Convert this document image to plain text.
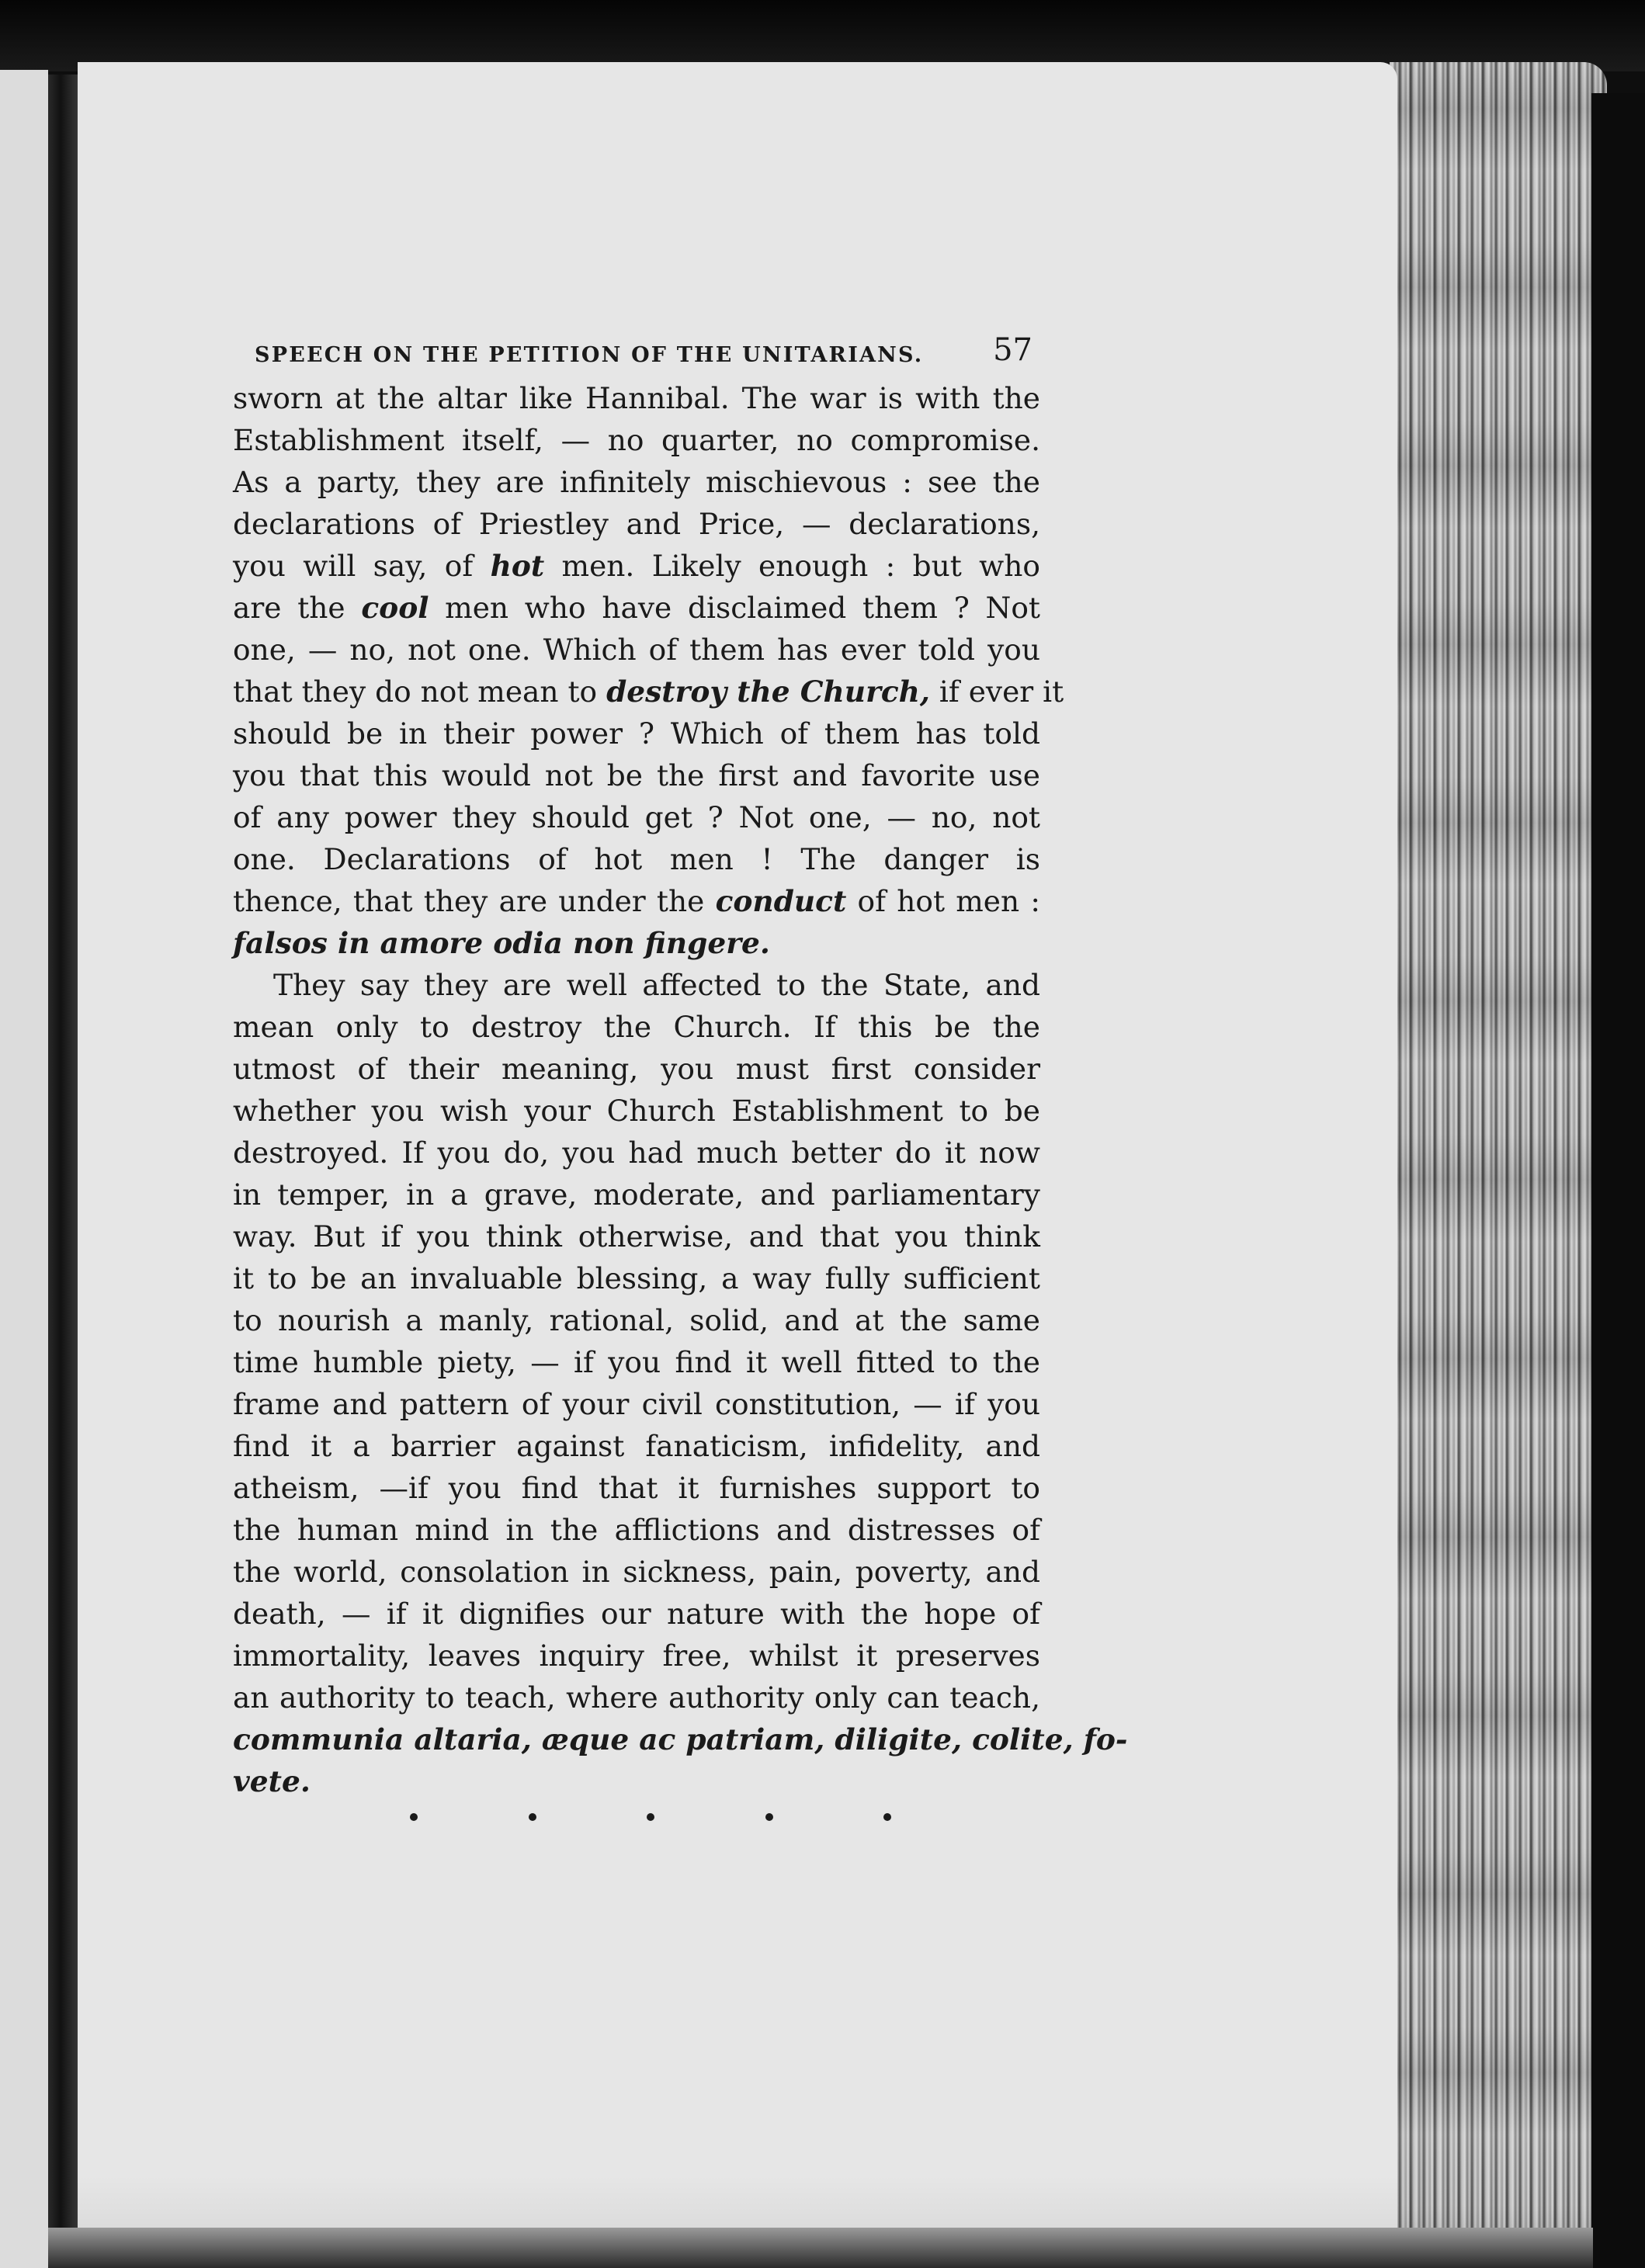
SPEECH ON THE PETITION OF THE UNITARIANS. 57
sworn at the altar like Hannibal. The war is with the
Establishment itself, — no quarter, no compromise.
As a party, they are infinitely mischievous : see the
declarations of Priestley and Price, — declarations,
you will say, of hot men. Likely enough : but who
are the cool men who have disclaimed them ? Not
one, — no, not one. Which of them has ever told you
that they do not mean to destroy the Church, if ever it
should be in their power ? Which of them has told
you that this would not be the first and favorite use
of any power they should get ? Not one, — no, not
one. Declarations of hot men ! The danger is
thence, that they are under the conduct of hot men :
falsos in amore odia non fingere.
They say they are well affected to the State, and
mean only to destroy the Church. If this be the
utmost of their meaning, you must first consider
whether you wish your Church Establishment to be
destroyed. If you do, you had much better do it now
in temper, in a grave, moderate, and parliamentary
way. But if you think otherwise, and that you think
it to be an invaluable blessing, a way fully sufficient
to nourish a manly, rational, solid, and at the same
time humble piety, — if you find it well fitted to the
frame and pattern of your civil constitution, — if you
find it a barrier against fanaticism, infidelity, and
atheism, —if you find that it furnishes support to
the human mind in the afflictions and distresses of
the world, consolation in sickness, pain, poverty, and
death, — if it dignifies our nature with the hope of
immortality, leaves inquiry free, whilst it preserves
an authority to teach, where authority only can teach,
communia altaria, æque ac patriam, diligite, colite, fo-
vete.
